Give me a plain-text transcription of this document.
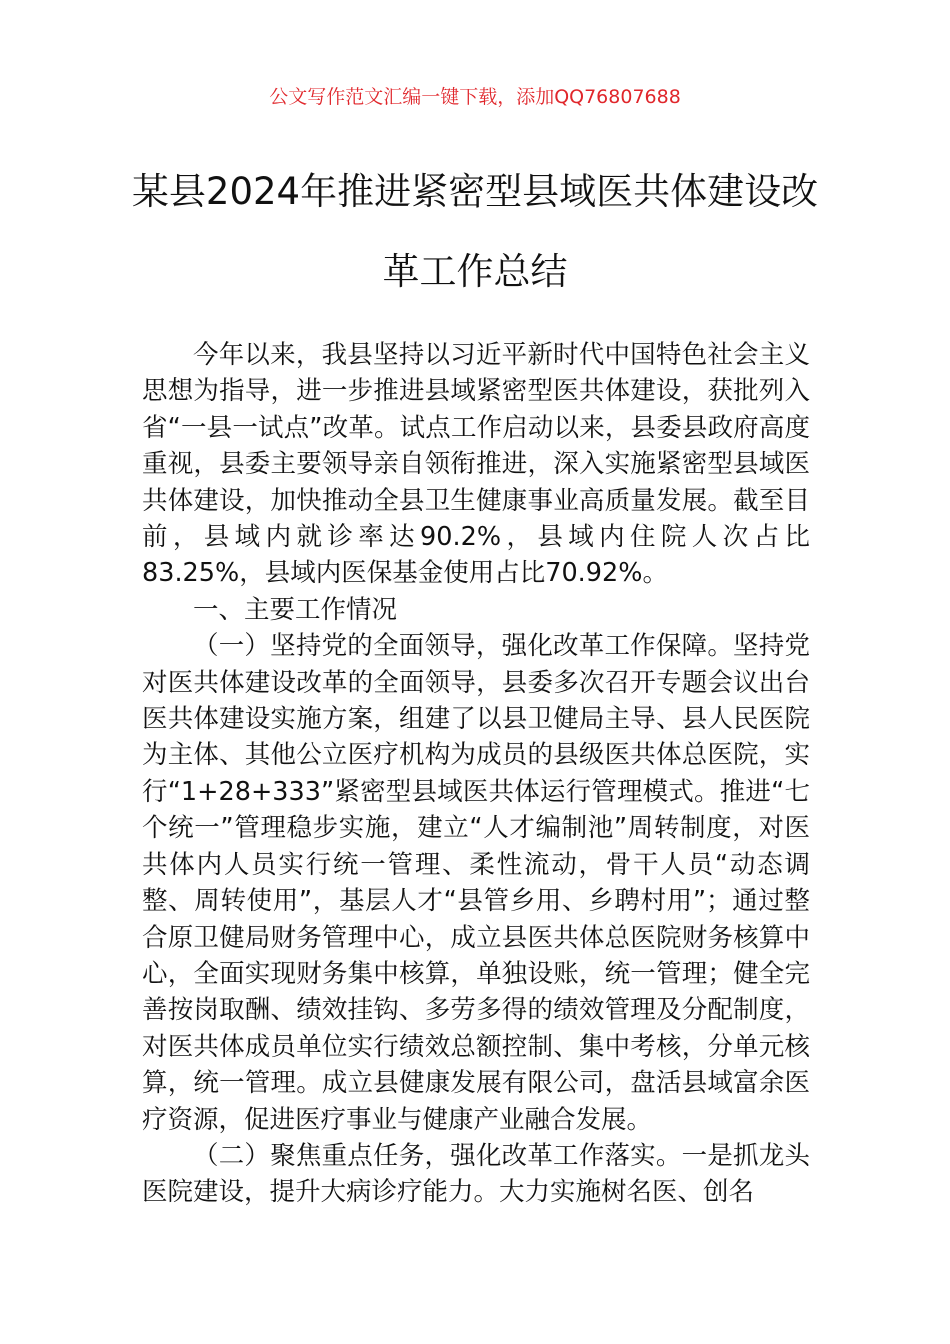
公文写作范文汇编一键下载，添加QQ76807688
某县2024年推进紧密型县域医共体建设改革工作总结

今年以来，我县坚持以习近平新时代中国特色社会主义思想为指导，进一步推进县域紧密型医共体建设，获批列入省“一县一试点”改革。试点工作启动以来，县委县政府高度重视，县委主要领导亲自领衔推进，深入实施紧密型县域医共体建设，加快推动全县卫生健康事业高质量发展。截至目前，县域内就诊率达90.2%，县域内住院人次占比83.25%，县域内医保基金使用占比70.92%。

一、主要工作情况

（一）坚持党的全面领导，强化改革工作保障。坚持党对医共体建设改革的全面领导，县委多次召开专题会议出台医共体建设实施方案，组建了以县卫健局主导、县人民医院为主体、其他公立医疗机构为成员的县级医共体总医院，实行“1+28+333”紧密型县域医共体运行管理模式。推进“七个统一”管理稳步实施，建立“人才编制池”周转制度，对医共体内人员实行统一管理、柔性流动，骨干人员“动态调整、周转使用”，基层人才“县管乡用、乡聘村用”；通过整合原卫健局财务管理中心，成立县医共体总医院财务核算中心，全面实现财务集中核算，单独设账，统一管理；健全完善按岗取酬、绩效挂钩、多劳多得的绩效管理及分配制度，对医共体成员单位实行绩效总额控制、集中考核，分单元核算，统一管理。成立县健康发展有限公司，盘活县域富余医疗资源，促进医疗事业与健康产业融合发展。

（二）聚焦重点任务，强化改革工作落实。一是抓龙头医院建设，提升大病诊疗能力。大力实施树名医、创名
